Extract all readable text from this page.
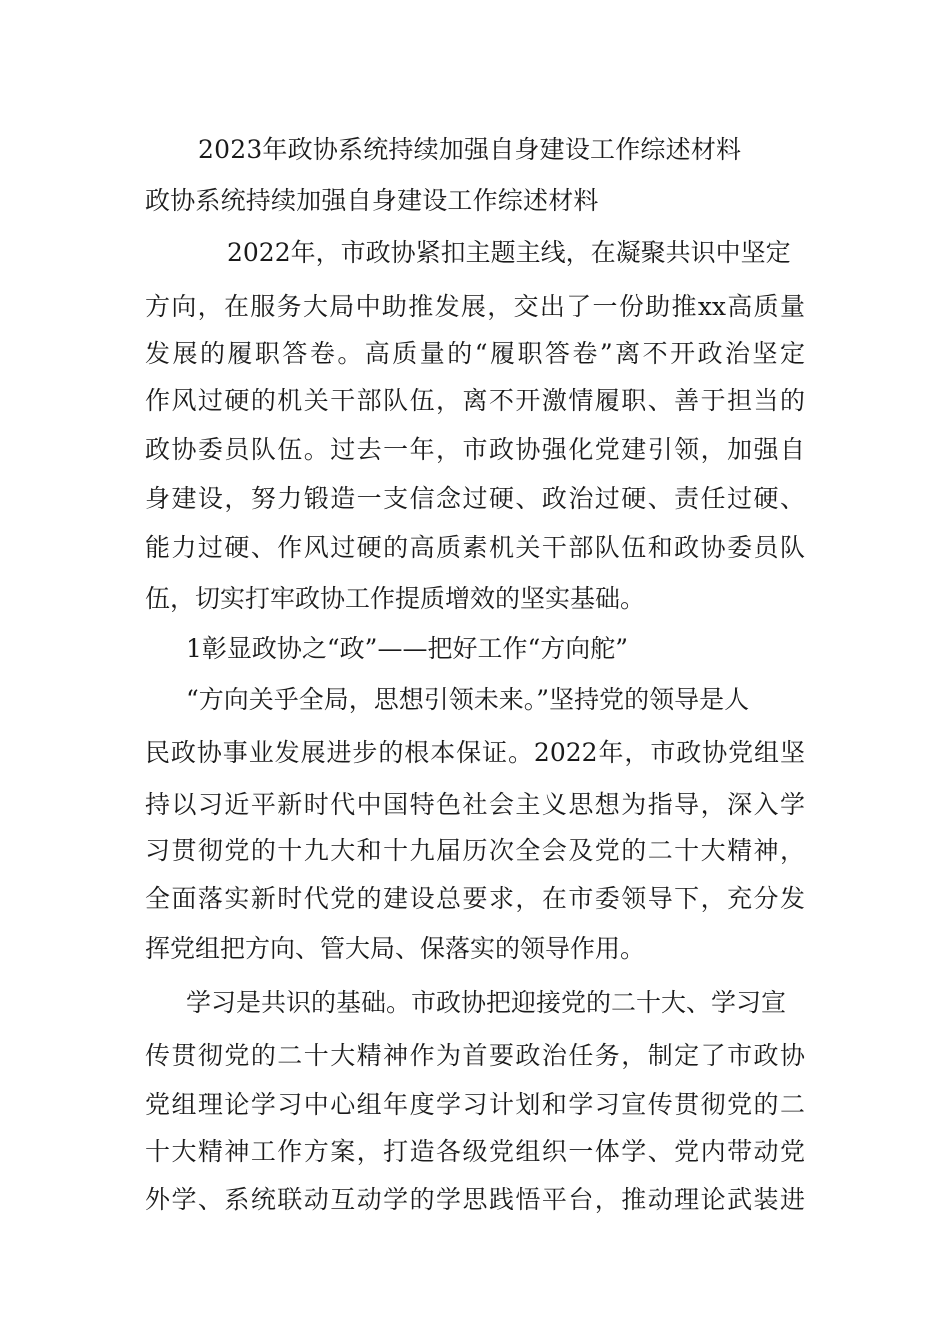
2023年政协系统持续加强自身建设工作综述材料
政协系统持续加强自身建设工作综述材料
2022年，市政协紧扣主题主线，在凝聚共识中坚定
方向，在服务大局中助推发展，交出了一份助推xx高质量
发展的履职答卷。高质量的“履职答卷”离不开政治坚定
作风过硬的机关干部队伍，离不开激情履职、善于担当的
政协委员队伍。过去一年，市政协强化党建引领，加强自
身建设，努力锻造一支信念过硬、政治过硬、责任过硬、
能力过硬、作风过硬的高质素机关干部队伍和政协委员队
伍，切实打牢政协工作提质增效的坚实基础。
1彰显政协之“政”——把好工作“方向舵”
“方向关乎全局，思想引领未来。”坚持党的领导是人
民政协事业发展进步的根本保证。2022年，市政协党组坚
持以习近平新时代中国特色社会主义思想为指导，深入学
习贯彻党的十九大和十九届历次全会及党的二十大精神，
全面落实新时代党的建设总要求，在市委领导下，充分发
挥党组把方向、管大局、保落实的领导作用。
学习是共识的基础。市政协把迎接党的二十大、学习宣
传贯彻党的二十大精神作为首要政治任务，制定了市政协
党组理论学习中心组年度学习计划和学习宣传贯彻党的二
十大精神工作方案，打造各级党组织一体学、党内带动党
外学、系统联动互动学的学思践悟平台，推动理论武装进
